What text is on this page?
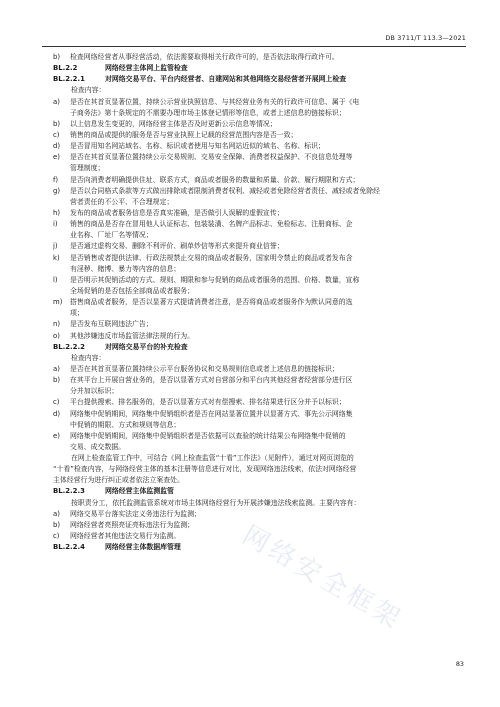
DB 3711/T 113.3—2021
b) 检查网络经营者从事经营活动，依法需要取得相关行政许可的，是否依法取得行政许可。
BL.2.2	网络经营主体网上监管检查
BL.2.2.1	对网络交易平台、平台内经营者、自建网站和其他网络交易经营者开展网上检查
检查内容：
a) 是否在其首页显著位置，持续公示营业执照信息、与其经营业务有关的行政许可信息、属于《电
子商务法》第十条规定的不需要办理市场主体登记情形等信息，或者上述信息的链接标识；
b) 以上信息发生变更的，网络经营主体是否及时更新公示信息等情况；
c) 销售的商品或提供的服务是否与营业执照上记载的经营范围内容是否一致；
d) 是否冒用知名网站域名、名称、标识或者使用与知名网站近似的域名、名称、标识；
e) 是否在其首页显著位置持续公示交易规则、交易安全保障、消费者权益保护、不良信息处理等
管理制度；
f) 是否向消费者明确提供住址、联系方式，商品或者服务的数量和质量、价款、履行期限和方式；
g) 是否以合同格式条款等方式做出排除或者限制消费者权利、减轻或者免除经营者责任、减轻或者免除经
营者责任的不公平、不合理规定；
h) 发布的商品或者服务信息是否真实准确，是否做引人误解的虚假宣传；
i) 销售的商品是否存在冒用他人认证标志、包装装潢、名牌产品标志、免检标志、注册商标、企
业名称、厂址厂名等情况；
j) 是否通过虚构交易、删除不利评价、刷单炒信等形式来提升商业信誉；
k) 是否销售或者提供法律、行政法规禁止交易的商品或者服务，国家明令禁止的商品或者发布含
有淫秽、赌博、暴力等内容的信息；
l) 是否明示其促销活动的方式、规则、期限和参与促销的商品或者服务的范围、价格、数量，宣称
全场促销的是否包括全部商品或者服务；
m) 搭售商品或者服务，是否以显著方式提请消费者注意，是否将商品或者服务作为默认同意的选
项；
n) 是否发布互联网违法广告；
o) 其他涉嫌违反市场监管法律法规的行为。
BL.2.2.2	对网络交易平台的补充检查
检查内容：
a) 是否在其首页显著位置持续公示平台服务协议和交易规则信息或者上述信息的链接标识；
b) 在其平台上开展自营业务的，是否以显著方式对自营部分和平台内其他经营者经营部分进行区
分并加以标识；
c) 平台提供搜索、排名服务的，是否以显著方式对有偿搜索、排名结果进行区分并予以标识；
d) 网络集中促销期间，网络集中促销组织者是否在网站显著位置并以显著方式、事先公示网络集
中促销的期限、方式和规则等信息；
e) 网络集中促销期间，网络集中促销组织者是否依据可以查验的统计结果公布网络集中促销的
交易、成交数据。
在网上检查监管工作中，可结合《网上检查监管“十看”工作法》（见附件），通过对网页浏览的
“十看”检查内容，与网络经营主体的基本注册等信息进行对比，发现网络违法线索，依法对网络经营
主体经营行为进行纠正或者依法立案查处。
BL.2.2.3	网络经营主体监测监管
按职责分工，依托监测监管系统对市场主体网络经营行为开展涉嫌违法线索监测。主要内容有：
a) 网络交易平台落实法定义务违法行为监测；
b) 网络经营者亮照亮证亮标违法行为监测；
c) 网络经营者其他违法交易行为监测。
BL.2.2.4	网络经营主体数据库管理	网络安全框架
83
